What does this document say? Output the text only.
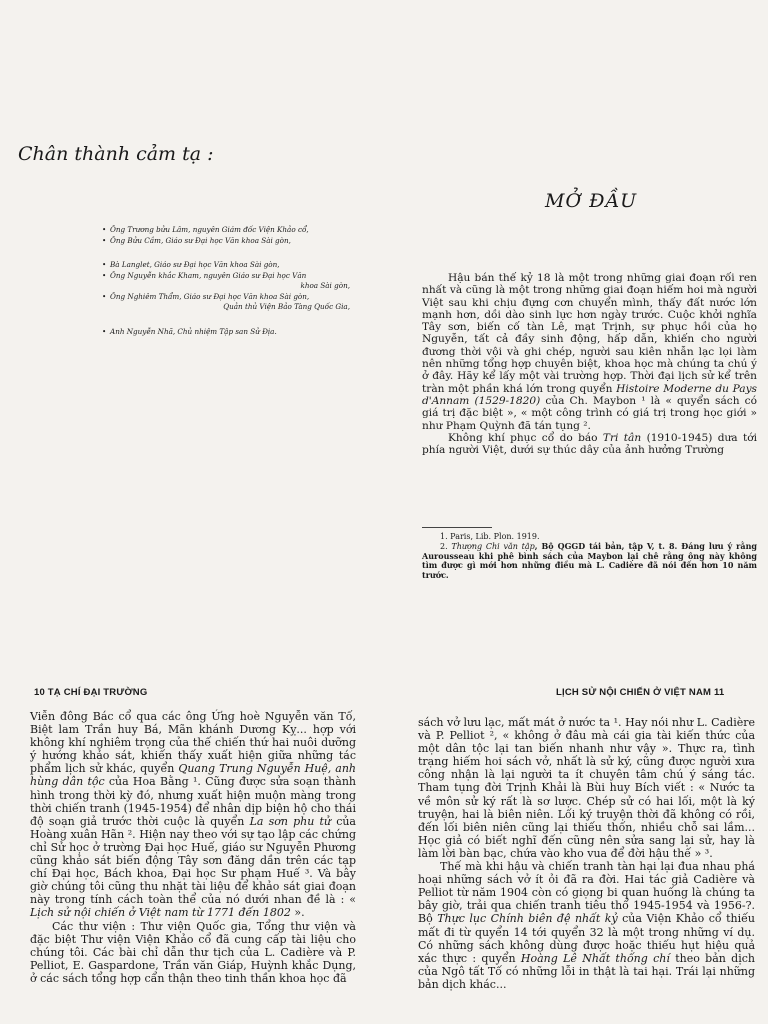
Chân thành cảm tạ :
• Ông Trương bửu Lâm, nguyên Giám đốc Viện Khảo cổ,
• Ông Bửu Cầm, Giáo sư Đại học Văn khoa Sài gòn,
• Bà Langlet, Giáo sư Đại học Văn khoa Sài gòn,
• Ông Nguyễn khắc Kham, nguyên Giáo sư Đại học Văn
khoa Sài gòn,
• Ông Nghiêm Thẩm, Giáo sư Đại học Văn khoa Sài gòn,
Quản thủ Viện Bảo Tàng Quốc Gia,
• Anh Nguyễn Nhã, Chủ nhiệm Tập san Sử Địa.
MỞ ĐẦU

Hậu bán thế kỷ 18 là một trong những giai đoạn rối ren nhất và cũng là một trong những giai đoạn hiếm hoi mà người Việt sau khi chịu đựng cơn chuyển mình, thấy đất nước lớn mạnh hơn, dồi dào sinh lực hơn ngày trước. Cuộc khởi nghĩa Tây sơn, biến cố tàn Lê, mạt Trịnh, sự phục hồi của họ Nguyễn, tất cả đầy sinh động, hấp dẫn, khiến cho người đương thời vội và ghi chép, người sau kiên nhẫn lạc lọi làm nên những tổng hợp chuyên biệt, khoa học mà chúng ta chú ý ở đây. Hãy kể lấy một vài trường hợp. Thời đại lịch sử kể trên tràn một phần khá lớn trong quyển Histoire Moderne du Pays d'Annam (1529-1820) của Ch. Maybon ¹ là « quyển sách có giá trị đặc biệt », « một công trình có giá trị trong học giới » như Phạm Quỳnh đã tán tụng ².

Không khí phục cổ do báo Tri tân (1910-1945) dưa tới phía người Việt, dưới sự thúc dây của ảnh hưởng Trường

1. Paris, Lib. Plon. 1919.

2. Thượng Chi văn tập, Bộ QGGD tái bản, tập V, t. 8. Đáng lưu ý rằng Aurousseau khi phê bình sách của Maybon lại chê rằng ông này không tìm được gì mới hơn những điều mà L. Cadière đã nói đến hơn 10 năm trước.

10 TẠ CHÍ ĐẠI TRƯỜNG	LỊCH SỬ NỘI CHIẾN Ở VIỆT NAM 11

Viễn đông Bác cổ qua các ông Ứng hoè Nguyễn văn Tố, Biệt lam Trần huy Bá, Mãn khánh Dương Kỵ... hợp với không khí nghiêm trọng của thế chiến thứ hai nuôi dưỡng ý hướng khảo sát, khiến thấy xuất hiện giữa những tác phẩm lịch sử khác, quyển Quang Trung Nguyễn Huệ, anh hùng dân tộc của Hoa Bằng ¹. Cũng được sửa soạn thành hình trong thời kỳ đó, nhưng xuất hiện muộn màng trong thời chiến tranh (1945-1954) để nhân dịp biện hộ cho thái độ soạn giả trước thời cuộc là quyển La sơn phu tử của Hoàng xuân Hãn ². Hiện nay theo với sự tạo lập các chứng chỉ Sử học ở trường Đại học Huế, giáo sư Nguyễn Phương cũng khảo sát biến động Tây sơn đăng dần trên các tạp chí Đại học, Bách khoa, Đại học Sư phạm Huế ³. Và bây giờ chúng tôi cũng thu nhặt tài liệu để khảo sát giai đoạn này trong tính cách toàn thể của nó dưới nhan đề là : « Lịch sử nội chiến ở Việt nam từ 1771 đến 1802 ».

Các thư viện : Thư viện Quốc gia, Tổng thư viện và đặc biệt Thư viện Viện Khảo cổ đã cung cấp tài liệu cho chúng tôi. Các bài chỉ dẫn thư tịch của L. Cadière và P. Pelliot, E. Gaspardone, Trần văn Giáp, Huỳnh khắc Dụng, ở các sách tổng hợp cẩn thận theo tinh thần khoa học đã

sách vở lưu lạc, mất mát ở nước ta ¹. Hay nói như L. Cadière và P. Pelliot ², « không ở đâu mà cái gia tài kiến thức của một dân tộc lại tan biến nhanh như vậy ». Thực ra, tình trạng hiếm hoi sách vở, nhất là sử ký, cũng được người xưa công nhận là lại người ta ít chuyên tâm chú ý sáng tác. Tham tụng đời Trịnh Khải là Bùi huy Bích viết : « Nước ta về môn sử ký rất là sơ lược. Chép sử có hai lối, một là ký truyện, hai là biên niên. Lối ký truyện thời đã không có rồi, đến lối biên niên cũng lại thiếu thốn, nhiều chỗ sai lầm... Học giả có biết nghĩ đến cũng nên sửa sang lại sử, hay là làm lời bàn bạc, chứa vào kho vua để đời hậu thế » ³.

Thế mà khi hậu và chiến tranh tàn hại lại đua nhau phá hoại những sách vở ít ỏi đã ra đời. Hai tác giả Cadière và Pelliot từ năm 1904 còn có giọng bi quan huống là chúng ta bây giờ, trải qua chiến tranh tiêu thổ 1945-1954 và 1956-?. Bộ Thực lục Chính biên đệ nhất kỷ của Viện Khảo cổ thiếu mất đi từ quyển 14 tới quyển 32 là một trong những ví dụ. Có những sách không dùng được hoặc thiếu hụt hiệu quả xác thực : quyển Hoàng Lê Nhất thống chí theo bản dịch của Ngô tất Tố có những lỗi in thật là tai hại. Trái lại những bản dịch khác...
